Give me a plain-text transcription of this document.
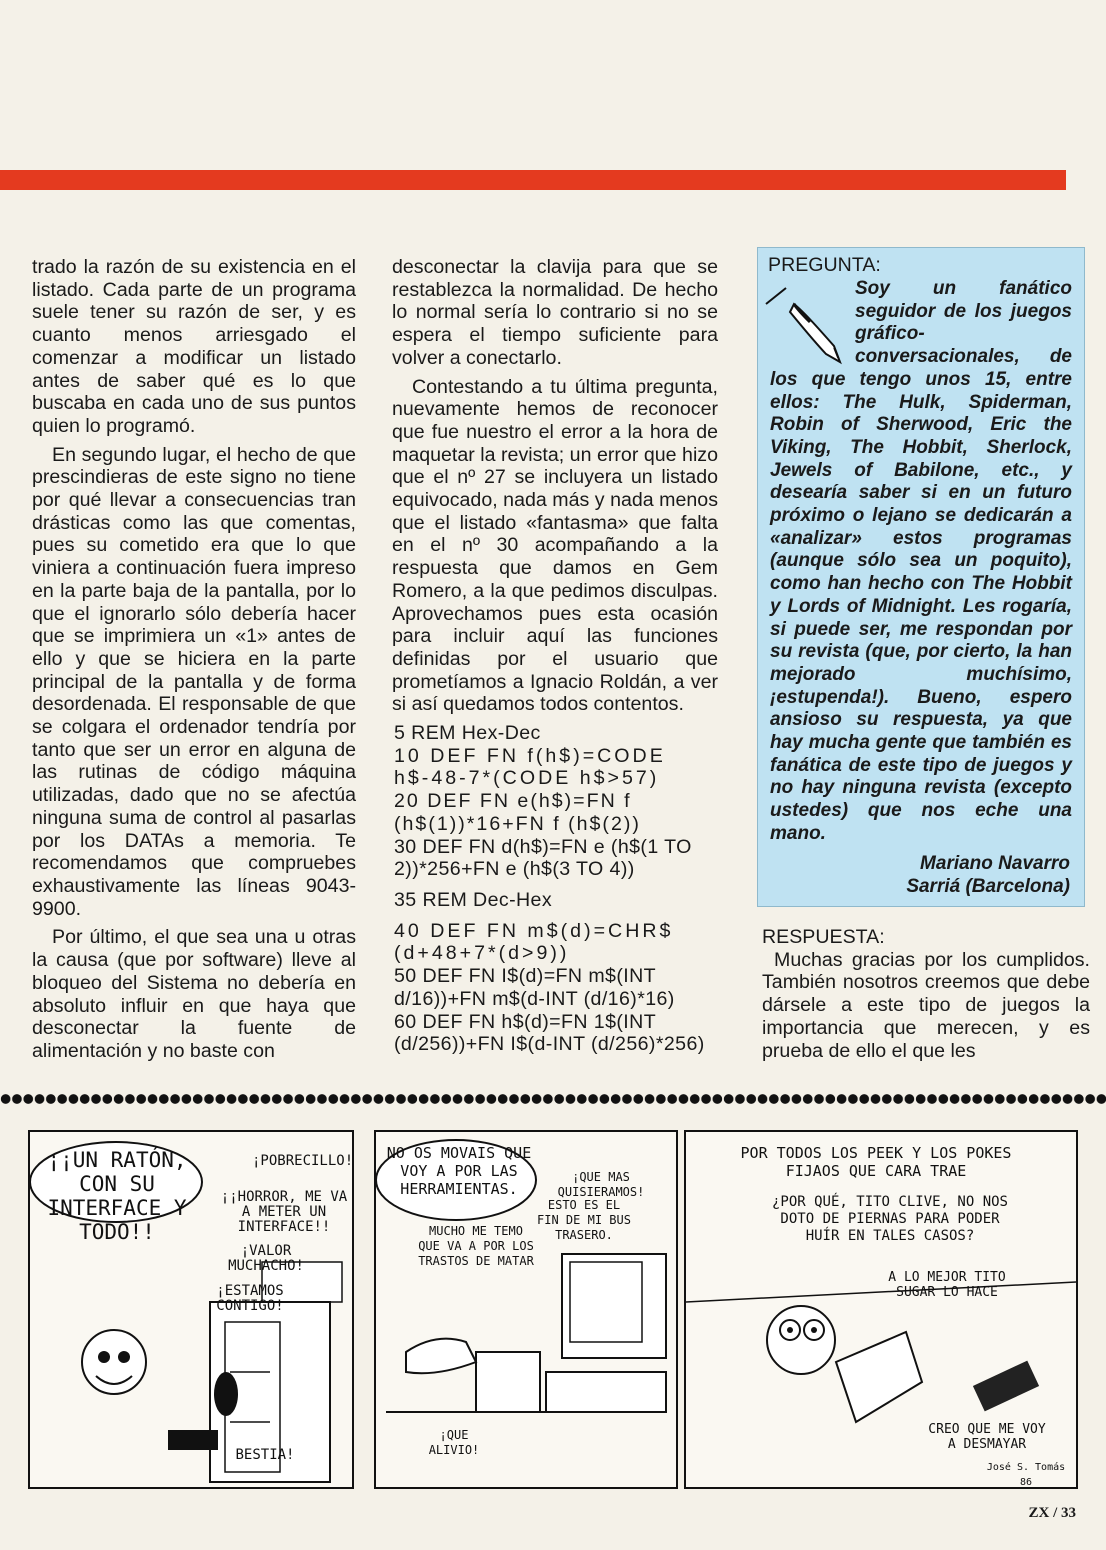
trado la razón de su existencia en el listado. Cada parte de un programa suele tener su razón de ser, y es cuanto menos arriesgado el comenzar a modificar un listado antes de saber qué es lo que buscaba en cada uno de sus puntos quien lo programó.

En segundo lugar, el hecho de que prescindieras de este signo no tiene por qué llevar a consecuencias tran drásticas como las que comentas, pues su cometido era que lo que viniera a continuación fuera impreso en la parte baja de la pantalla, por lo que el ignorarlo sólo debería hacer que se imprimiera un «1» antes de ello y que se hiciera en la parte principal de la pantalla y de forma desordenada. El responsable de que se colgara el ordenador tendría por tanto que ser un error en alguna de las rutinas de código máquina utilizadas, dado que no se afectúa ninguna suma de control al pasarlas por los DATAs a memoria. Te recomendamos que compruebes exhaustivamente las líneas 9043-9900.

Por último, el que sea una u otras la causa (que por software) lleve al bloqueo del Sistema no debería en absoluto influir en que haya que desconectar la fuente de alimentación y no baste con

desconectar la clavija para que se restablezca la normalidad. De hecho lo normal sería lo contrario si no se espera el tiempo suficiente para volver a conectarlo.

Contestando a tu última pregunta, nuevamente hemos de reconocer que fue nuestro el error a la hora de maquetar la revista; un error que hizo que el nº 27 se incluyera un listado equivocado, nada más y nada menos que el listado «fantasma» que falta en el nº 30 acompañando a la respuesta que damos en Gem Romero, a la que pedimos disculpas. Aprovechamos pues esta ocasión para incluir aquí las funciones definidas por el usuario que prometíamos a Ignacio Roldán, a ver si así quedamos todos contentos.

5 REM Hex-Dec
10 DEF FN f(h$)=CODE h$-48-7*(CODE h$>57)
20 DEF FN e(h$)=FN f (h$(1))*16+FN f (h$(2))
30 DEF FN d(h$)=FN e (h$(1 TO 2))*256+FN e (h$(3 TO 4))
35 REM Dec-Hex
40 DEF FN m$(d)=CHR$ (d+48+7*(d>9))
50 DEF FN I$(d)=FN m$(INT d/16))+FN m$(d-INT (d/16)*16)
60 DEF FN h$(d)=FN 1$(INT (d/256))+FN I$(d-INT (d/256)*256)
PREGUNTA:
Soy un fanático seguidor de los juegos gráfico-conversacionales, de los que tengo unos 15, entre ellos: The Hulk, Spiderman, Robin of Sherwood, Eric the Viking, The Hobbit, Sherlock, Jewels of Babilone, etc., y desearía saber si en un futuro próximo o lejano se dedicarán a «analizar» estos programas (aunque sólo sea un poquito), como han hecho con The Hobbit y Lords of Midnight. Les rogaría, si puede ser, me respondan por su revista (que, por cierto, la han mejorado muchísimo, ¡estupenda!). Bueno, espero ansioso su respuesta, ya que hay mucha gente que también es fanática de este tipo de juegos y no hay ninguna revista (excepto ustedes) que nos eche una mano.
Mariano Navarro
Sarriá (Barcelona)

RESPUESTA:

Muchas gracias por los cumplidos. También nosotros creemos que debe dársele a este tipo de juegos la importancia que merecen, y es prueba de ello el que les

¡¡UN RATÓN, CON SU INTERFACE Y TODO!!
¡POBRECILLO!
¡¡HORROR, ME VA A METER UN INTERFACE!!
¡VALOR MUCHACHO!
¡ESTAMOS CONTIGO!
BESTIA!
NO OS MOVAIS QUE VOY A POR LAS HERRAMIENTAS.
¡QUE MAS QUISIERAMOS!
ESTO ES EL FIN DE MI BUS TRASERO.
MUCHO ME TEMO QUE VA A POR LOS TRASTOS DE MATAR
¡QUE ALIVIO!
POR TODOS LOS PEEK Y LOS POKES FIJAOS QUE CARA TRAE
¿POR QUÉ, TITO CLIVE, NO NOS DOTO DE PIERNAS PARA PODER HUÍR EN TALES CASOS?
A LO MEJOR TITO SUGAR LO HACE
CREO QUE ME VOY A DESMAYAR
José S. Tomás 86
ZX / 33
